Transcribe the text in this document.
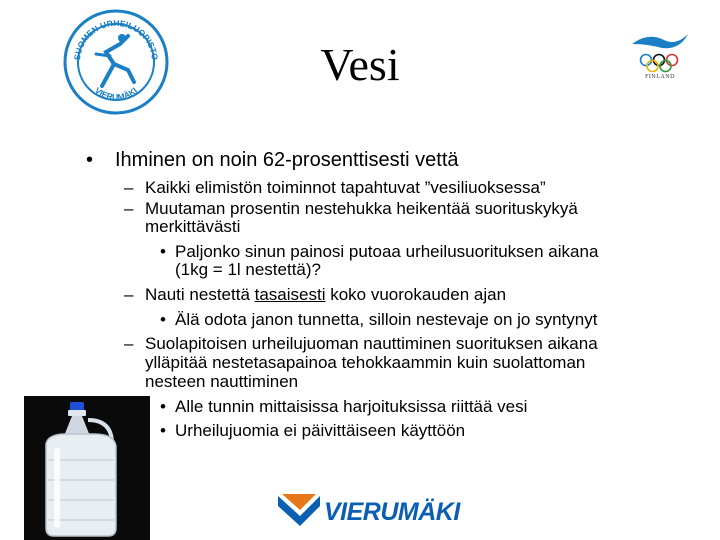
SUOMEN URHEILUOPISTO
VIERUMÄKI	Vesi	FINLAND
• Ihminen on noin 62-prosenttisesti vettä
– Kaikki elimistön toiminnot tapahtuvat ”vesiliuoksessa”
– Muutaman prosentin nestehukka heikentää suorituskykyä
merkittävästi
• Paljonko sinun painosi putoaa urheilusuorituksen aikana
(1kg = 1l nestettä)?
– Nauti nestettä tasaisesti koko vuorokauden ajan
• Älä odota janon tunnetta, silloin nestevaje on jo syntynyt
– Suolapitoisen urheilujuoman nauttiminen suorituksen aikana
ylläpitää nestetasapainoa tehokkaammin kuin suolattoman
nesteen nauttiminen
• Alle tunnin mittaisissa harjoituksissa riittää vesi
• Urheilujuomia ei päivittäiseen käyttöön
VIERUMÄKI
